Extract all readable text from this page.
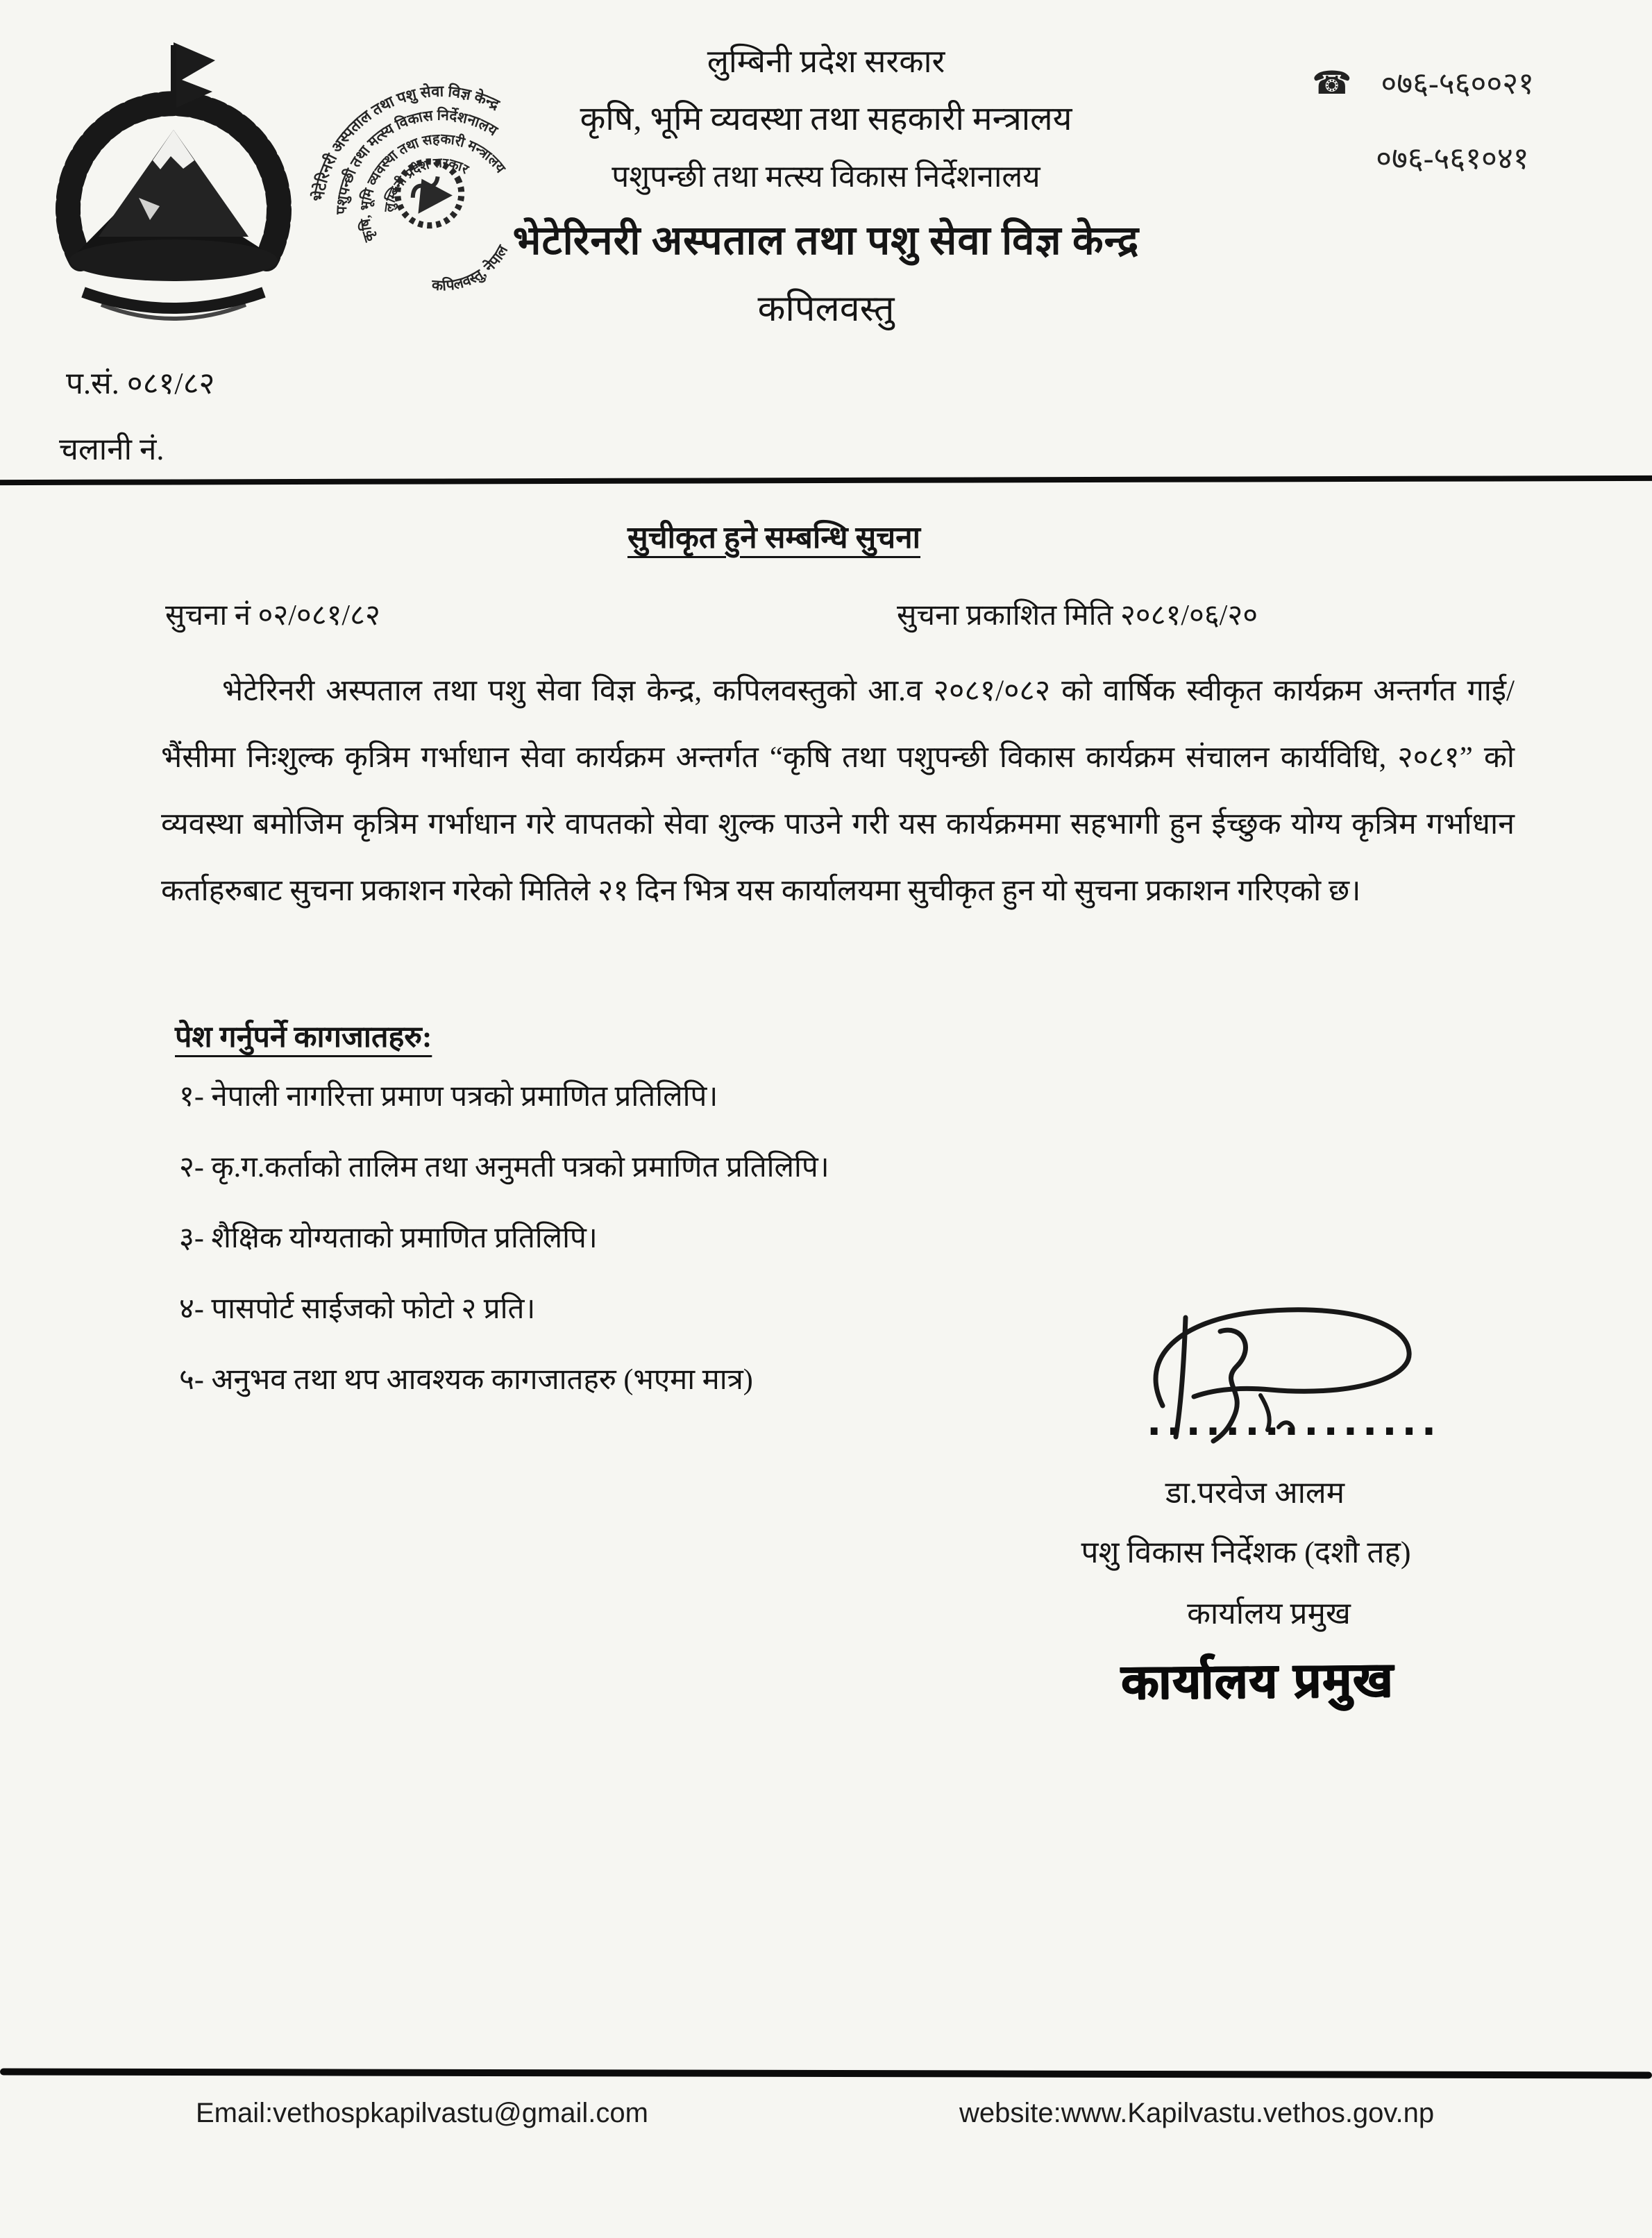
लुम्बिनी प्रदेश सरकार
कृषि, भूमि व्यवस्था तथा सहकारी मन्त्रालय
पशुपन्छी तथा मत्स्य विकास निर्देशनालय
भेटेरिनरी अस्पताल तथा पशु सेवा विज्ञ केन्द्र
कपिलवस्तु, नेपाल
लुम्बिनी प्रदेश सरकार
कृषि, भूमि व्यवस्था तथा सहकारी मन्त्रालय
पशुपन्छी तथा मत्स्य विकास निर्देशनालय
भेटेरिनरी अस्पताल तथा पशु सेवा विज्ञ केन्द्र
कपिलवस्तु
☎ ०७६-५६००२१
०७६-५६१०४१
प.सं. ०८१/८२
चलानी नं.
सुचीकृत हुने सम्बन्धि सुचना
सुचना नं ०२/०८१/८२	सुचना प्रकाशित मिति २०८१/०६/२०
भेटेरिनरी अस्पताल तथा पशु सेवा विज्ञ केन्द्र, कपिलवस्तुको आ.व २०८१/०८२ को वार्षिक स्वीकृत कार्यक्रम अन्तर्गत गाई/भैंसीमा निःशुल्क कृत्रिम गर्भाधान सेवा कार्यक्रम अन्तर्गत “कृषि तथा पशुपन्छी विकास कार्यक्रम संचालन कार्यविधि, २०८१” को व्यवस्था बमोजिम कृत्रिम गर्भाधान गरे वापतको सेवा शुल्क पाउने गरी यस कार्यक्रममा सहभागी हुन ईच्छुक योग्य कृत्रिम गर्भाधान कर्ताहरुबाट सुचना प्रकाशन गरेको मितिले २१ दिन भित्र यस कार्यालयमा सुचीकृत हुन यो सुचना प्रकाशन गरिएको छ।
पेश गर्नुपर्ने कागजातहरु:
१- नेपाली नागरित्ता प्रमाण पत्रको प्रमाणित प्रतिलिपि।
२- कृ.ग.कर्ताको तालिम तथा अनुमती पत्रको प्रमाणित प्रतिलिपि।
३- शैक्षिक योग्यताको प्रमाणित प्रतिलिपि।
४- पासपोर्ट साईजको फोटो २ प्रति।
५- अनुभव तथा थप आवश्यक कागजातहरु (भएमा मात्र)
...............
डा.परवेज आलम
पशु विकास निर्देशक (दशौ तह)
कार्यालय प्रमुख
कार्यालय प्रमुख
Email:vethospkapilvastu@gmail.com	website:www.Kapilvastu.vethos.gov.np
